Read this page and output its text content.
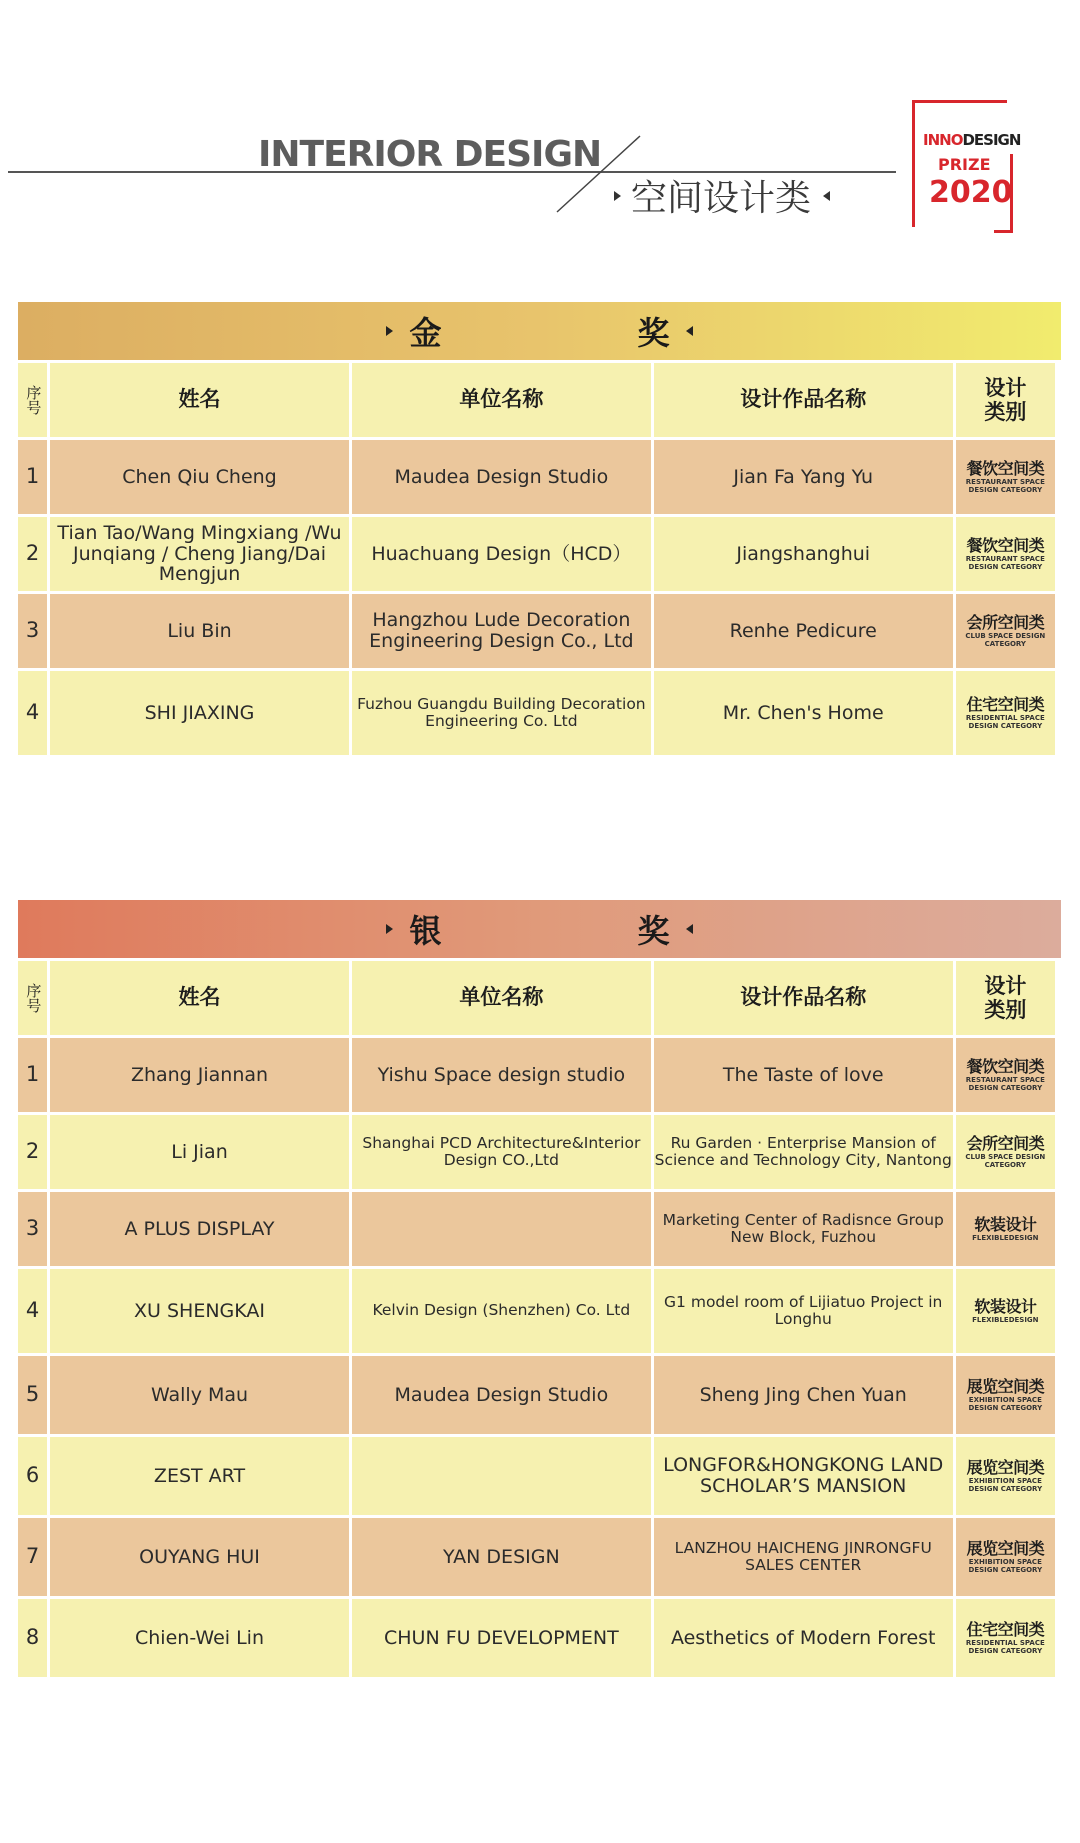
INTERIOR DESIGN
空间设计类
INNODESIGN
PRIZE
2020
金	奖
序号	姓名	单位名称	设计作品名称	设计类别

1	Chen Qiu Cheng	Maudea Design Studio	Jian Fa Yang Yu	餐饮空间类
RESTAURANT SPACE DESIGN CATEGORY

2	Tian Tao/Wang Mingxiang /Wu Junqiang / Cheng Jiang/Dai Mengjun	Huachuang Design（HCD）	Jiangshanghui	餐饮空间类
RESTAURANT SPACE DESIGN CATEGORY

3	Liu Bin	Hangzhou Lude Decoration Engineering Design Co., Ltd	Renhe Pedicure	会所空间类
CLUB SPACE DESIGN CATEGORY

4	SHI JIAXING	Fuzhou Guangdu Building Decoration Engineering Co. Ltd	Mr. Chen's Home	住宅空间类
RESIDENTIAL SPACE DESIGN CATEGORY
银	奖
序号	姓名	单位名称	设计作品名称	设计类别

1	Zhang Jiannan	Yishu Space design studio	The Taste of love	餐饮空间类
RESTAURANT SPACE DESIGN CATEGORY

2	Li Jian	Shanghai PCD Architecture&Interior Design CO.,Ltd	Ru Garden · Enterprise Mansion of Science and Technology City, Nantong	会所空间类
CLUB SPACE DESIGN CATEGORY

3	A PLUS DISPLAY		Marketing Center of Radisnce Group New Block, Fuzhou	软装设计
FLEXIBLEDESIGN

4	XU SHENGKAI	Kelvin Design (Shenzhen) Co. Ltd	G1 model room of Lijiatuo Project in Longhu	软装设计
FLEXIBLEDESIGN

5	Wally Mau	Maudea Design Studio	Sheng Jing Chen Yuan	展览空间类
EXHIBITION SPACE DESIGN CATEGORY

6	ZEST ART		LONGFOR&HONGKONG LAND SCHOLAR’S MANSION	展览空间类
EXHIBITION SPACE DESIGN CATEGORY

7	OUYANG HUI	YAN DESIGN	LANZHOU HAICHENG JINRONGFU SALES CENTER	展览空间类
EXHIBITION SPACE DESIGN CATEGORY

8	Chien-Wei Lin	CHUN FU DEVELOPMENT	Aesthetics of Modern Forest	住宅空间类
RESIDENTIAL SPACE DESIGN CATEGORY
